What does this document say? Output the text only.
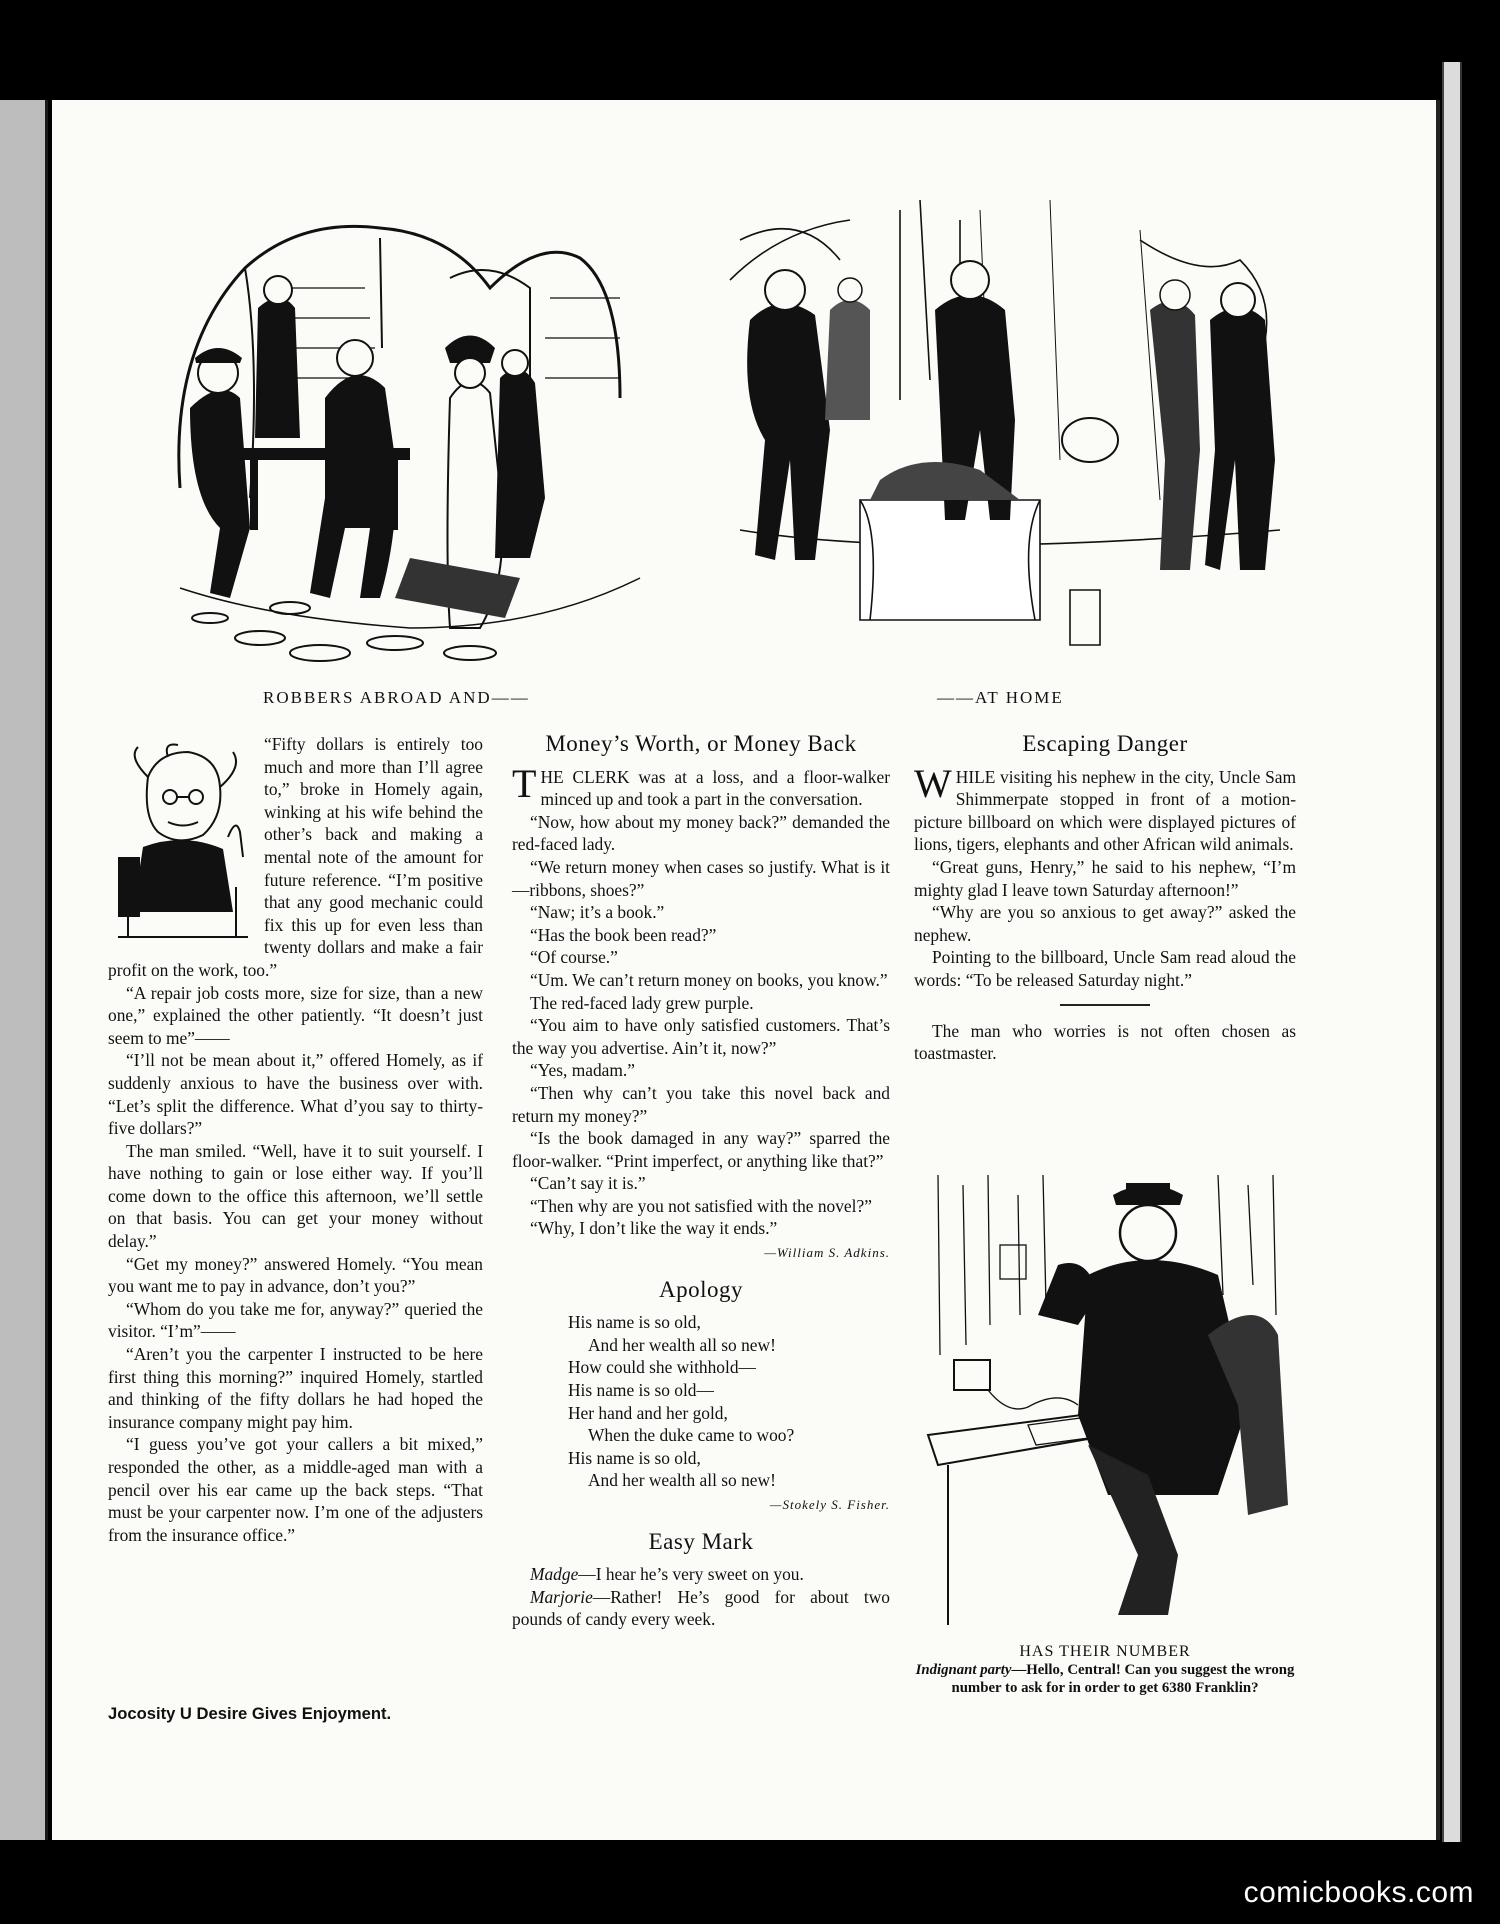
ROBBERS ABROAD AND——	——AT HOME

“Fifty dollars is entirely too much and more than I’ll agree to,” broke in Homely again, winking at his wife behind the other’s back and making a mental note of the amount for future reference. “I’m positive that any good mechanic could fix this up for even less than twenty dollars and make a fair profit on the work, too.”

“A repair job costs more, size for size, than a new one,” explained the other patiently. “It doesn’t just seem to me”——

“I’ll not be mean about it,” offered Homely, as if suddenly anxious to have the business over with. “Let’s split the difference. What d’you say to thirty-five dollars?”

The man smiled. “Well, have it to suit yourself. I have nothing to gain or lose either way. If you’ll come down to the office this afternoon, we’ll settle on that basis. You can get your money without delay.”

“Get my money?” answered Homely. “You mean you want me to pay in advance, don’t you?”

“Whom do you take me for, anyway?” queried the visitor. “I’m”——

“Aren’t you the carpenter I instructed to be here first thing this morning?” inquired Homely, startled and thinking of the fifty dollars he had hoped the insurance company might pay him.

“I guess you’ve got your callers a bit mixed,” responded the other, as a middle-aged man with a pencil over his ear came up the back steps. “That must be your carpenter now. I’m one of the adjusters from the insurance office.”

Jocosity U Desire Gives Enjoyment.
Money’s Worth, or Money Back

THE CLERK was at a loss, and a floor-walker minced up and took a part in the conversation.

“Now, how about my money back?” demanded the red-faced lady.

“We return money when cases so justify. What is it—ribbons, shoes?”

“Naw; it’s a book.”

“Has the book been read?”

“Of course.”

“Um. We can’t return money on books, you know.”

The red-faced lady grew purple.

“You aim to have only satisfied customers. That’s the way you advertise. Ain’t it, now?”

“Yes, madam.”

“Then why can’t you take this novel back and return my money?”

“Is the book damaged in any way?” sparred the floor-walker. “Print imperfect, or anything like that?”

“Can’t say it is.”

“Then why are you not satisfied with the novel?”

“Why, I don’t like the way it ends.”

—William S. Adkins.
Apology
His name is so old,
And her wealth all so new!
How could she withhold—
His name is so old—
Her hand and her gold,
When the duke came to woo?
His name is so old,
And her wealth all so new!
—Stokely S. Fisher.
Easy Mark

Madge—I hear he’s very sweet on you.

Marjorie—Rather! He’s good for about two pounds of candy every week.

Escaping Danger

WHILE visiting his nephew in the city, Uncle Sam Shimmerpate stopped in front of a motion-picture billboard on which were displayed pictures of lions, tigers, elephants and other African wild animals.

“Great guns, Henry,” he said to his nephew, “I’m mighty glad I leave town Saturday afternoon!”

“Why are you so anxious to get away?” asked the nephew.

Pointing to the billboard, Uncle Sam read aloud the words: “To be released Saturday night.”

The man who worries is not often chosen as toastmaster.

HAS THEIR NUMBER
Indignant party—Hello, Central! Can you suggest the wrong number to ask for in order to get 6380 Franklin?
comicbooks.com
